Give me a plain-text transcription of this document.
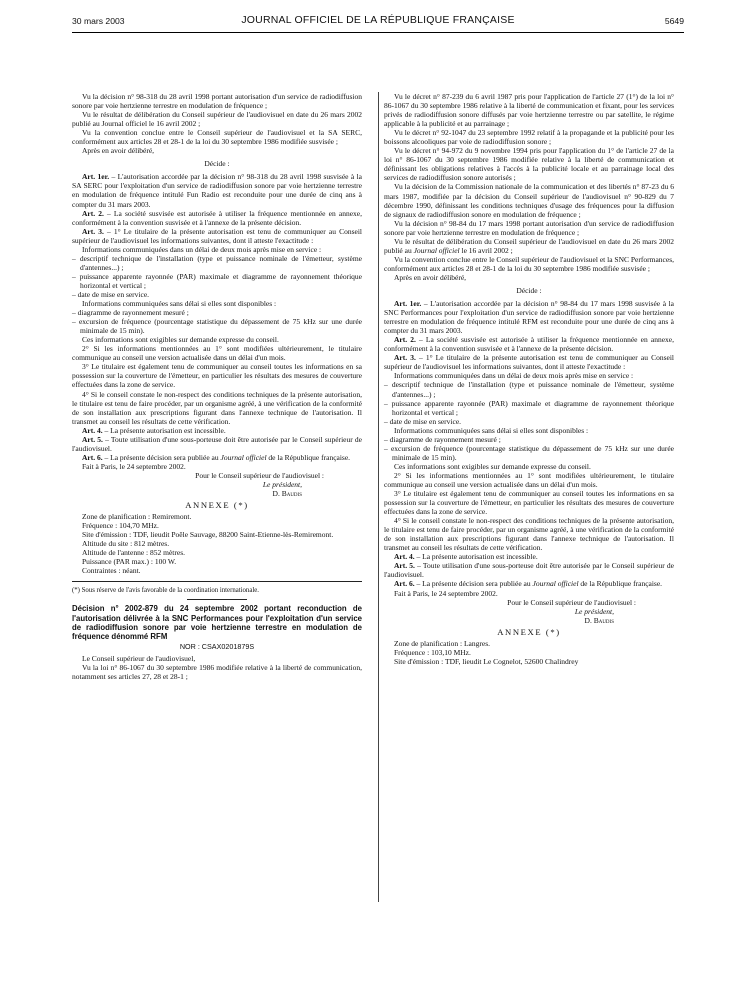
30 mars 2003	JOURNAL OFFICIEL DE LA RÉPUBLIQUE FRANÇAISE	5649

Vu la décision n° 98-318 du 28 avril 1998 portant autorisation d'un service de radiodiffusion sonore par voie hertzienne terrestre en modulation de fréquence ;

Vu le résultat de délibération du Conseil supérieur de l'audiovisuel en date du 26 mars 2002 publié au Journal officiel le 16 avril 2002 ;

Vu la convention conclue entre le Conseil supérieur de l'audiovisuel et la SA SERC, conformément aux articles 28 et 28-1 de la loi du 30 septembre 1986 modifiée susvisée ;

Après en avoir délibéré,

Décide :

Art. 1er. – L'autorisation accordée par la décision n° 98-318 du 28 avril 1998 susvisée à la SA SERC pour l'exploitation d'un service de radiodiffusion sonore par voie hertzienne terrestre en modulation de fréquence intitulé Fun Radio est reconduite pour une durée de cinq ans à compter du 31 mars 2003.

Art. 2. – La société susvisée est autorisée à utiliser la fréquence mentionnée en annexe, conformément à la convention susvisée et à l'annexe de la présente décision.

Art. 3. – 1° Le titulaire de la présente autorisation est tenu de communiquer au Conseil supérieur de l'audiovisuel les informations suivantes, dont il atteste l'exactitude :

Informations communiquées dans un délai de deux mois après mise en service :

– descriptif technique de l'installation (type et puissance nominale de l'émetteur, système d'antennes...) ;

– puissance apparente rayonnée (PAR) maximale et diagramme de rayonnement théorique horizontal et vertical ;

– date de mise en service.

Informations communiquées sans délai si elles sont disponibles :

– diagramme de rayonnement mesuré ;

– excursion de fréquence (pourcentage statistique du dépassement de 75 kHz sur une durée minimale de 15 min).

Ces informations sont exigibles sur demande expresse du conseil.

2° Si les informations mentionnées au 1° sont modifiées ultérieurement, le titulaire communique au conseil une version actualisée dans un délai d'un mois.

3° Le titulaire est également tenu de communiquer au conseil toutes les informations en sa possession sur la couverture de l'émetteur, en particulier les résultats des mesures de couverture effectuées dans la zone de service.

4° Si le conseil constate le non-respect des conditions techniques de la présente autorisation, le titulaire est tenu de faire procéder, par un organisme agréé, à une vérification de la conformité de son installation aux prescriptions figurant dans l'annexe technique de l'autorisation. Il transmet au conseil les résultats de cette vérification.

Art. 4. – La présente autorisation est incessible.

Art. 5. – Toute utilisation d'une sous-porteuse doit être autorisée par le Conseil supérieur de l'audiovisuel.

Art. 6. – La présente décision sera publiée au Journal officiel de la République française.

Fait à Paris, le 24 septembre 2002.

Pour le Conseil supérieur de l'audiovisuel :

Le président,

D. Baudis

ANNEXE (*)

Zone de planification : Remiremont.

Fréquence : 104,70 MHz.

Site d'émission : TDF, lieudit Poêle Sauvage, 88200 Saint-Etienne-lès-Remiremont.

Altitude du site : 812 mètres.

Altitude de l'antenne : 852 mètres.

Puissance (PAR max.) : 100 W.

Contraintes : néant.

(*) Sous réserve de l'avis favorable de la coordination internationale.

Décision n° 2002-879 du 24 septembre 2002 portant reconduction de l'autorisation délivrée à la SNC Performances pour l'exploitation d'un service de radiodiffusion sonore par voie hertzienne terrestre en modulation de fréquence dénommé RFM

NOR : CSAX0201879S

Le Conseil supérieur de l'audiovisuel,

Vu la loi n° 86-1067 du 30 septembre 1986 modifiée relative à la liberté de communication, notamment ses articles 27, 28 et 28-1 ;

Vu le décret n° 87-239 du 6 avril 1987 pris pour l'application de l'article 27 (1°) de la loi n° 86-1067 du 30 septembre 1986 relative à la liberté de communication et fixant, pour les services privés de radiodiffusion sonore diffusés par voie hertzienne terrestre ou par satellite, le régime applicable à la publicité et au parrainage ;

Vu le décret n° 92-1047 du 23 septembre 1992 relatif à la propagande et la publicité pour les boissons alcooliques par voie de radiodiffusion sonore ;

Vu le décret n° 94-972 du 9 novembre 1994 pris pour l'application du 1° de l'article 27 de la loi n° 86-1067 du 30 septembre 1986 modifiée relative à la liberté de communication et définissant les obligations relatives à l'accès à la publicité locale et au parrainage local des services de radiodiffusion sonore autorisés ;

Vu la décision de la Commission nationale de la communication et des libertés n° 87-23 du 6 mars 1987, modifiée par la décision du Conseil supérieur de l'audiovisuel n° 90-829 du 7 décembre 1990, définissant les conditions techniques d'usage des fréquences pour la diffusion de signaux de radiodiffusion sonore en modulation de fréquence ;

Vu la décision n° 98-84 du 17 mars 1998 portant autorisation d'un service de radiodiffusion sonore par voie hertzienne terrestre en modulation de fréquence ;

Vu le résultat de délibération du Conseil supérieur de l'audiovisuel en date du 26 mars 2002 publié au Journal officiel le 16 avril 2002 ;

Vu la convention conclue entre le Conseil supérieur de l'audiovisuel et la SNC Performances, conformément aux articles 28 et 28-1 de la loi du 30 septembre 1986 modifiée susvisée ;

Après en avoir délibéré,

Décide :

Art. 1er. – L'autorisation accordée par la décision n° 98-84 du 17 mars 1998 susvisée à la SNC Performances pour l'exploitation d'un service de radiodiffusion sonore par voie hertzienne terrestre en modulation de fréquence intitulé RFM est reconduite pour une durée de cinq ans à compter du 31 mars 2003.

Art. 2. – La société susvisée est autorisée à utiliser la fréquence mentionnée en annexe, conformément à la convention susvisée et à l'annexe de la présente décision.

Art. 3. – 1° Le titulaire de la présente autorisation est tenu de communiquer au Conseil supérieur de l'audiovisuel les informations suivantes, dont il atteste l'exactitude :

Informations communiquées dans un délai de deux mois après mise en service :

– descriptif technique de l'installation (type et puissance nominale de l'émetteur, système d'antennes...) ;

– puissance apparente rayonnée (PAR) maximale et diagramme de rayonnement théorique horizontal et vertical ;

– date de mise en service.

Informations communiquées sans délai si elles sont disponibles :

– diagramme de rayonnement mesuré ;

– excursion de fréquence (pourcentage statistique du dépassement de 75 kHz sur une durée minimale de 15 min).

Ces informations sont exigibles sur demande expresse du conseil.

2° Si les informations mentionnées au 1° sont modifiées ultérieurement, le titulaire communique au conseil une version actualisée dans un délai d'un mois.

3° Le titulaire est également tenu de communiquer au conseil toutes les informations en sa possession sur la couverture de l'émetteur, en particulier les résultats des mesures de couverture effectuées dans la zone de service.

4° Si le conseil constate le non-respect des conditions techniques de la présente autorisation, le titulaire est tenu de faire procéder, par un organisme agréé, à une vérification de la conformité de son installation aux prescriptions figurant dans l'annexe technique de l'autorisation. Il transmet au conseil les résultats de cette vérification.

Art. 4. – La présente autorisation est incessible.

Art. 5. – Toute utilisation d'une sous-porteuse doit être autorisée par le Conseil supérieur de l'audiovisuel.

Art. 6. – La présente décision sera publiée au Journal officiel de la République française.

Fait à Paris, le 24 septembre 2002.

Pour le Conseil supérieur de l'audiovisuel :

Le président,

D. Baudis

ANNEXE (*)

Zone de planification : Langres.

Fréquence : 103,10 MHz.

Site d'émission : TDF, lieudit Le Cognelot, 52600 Chalindrey
